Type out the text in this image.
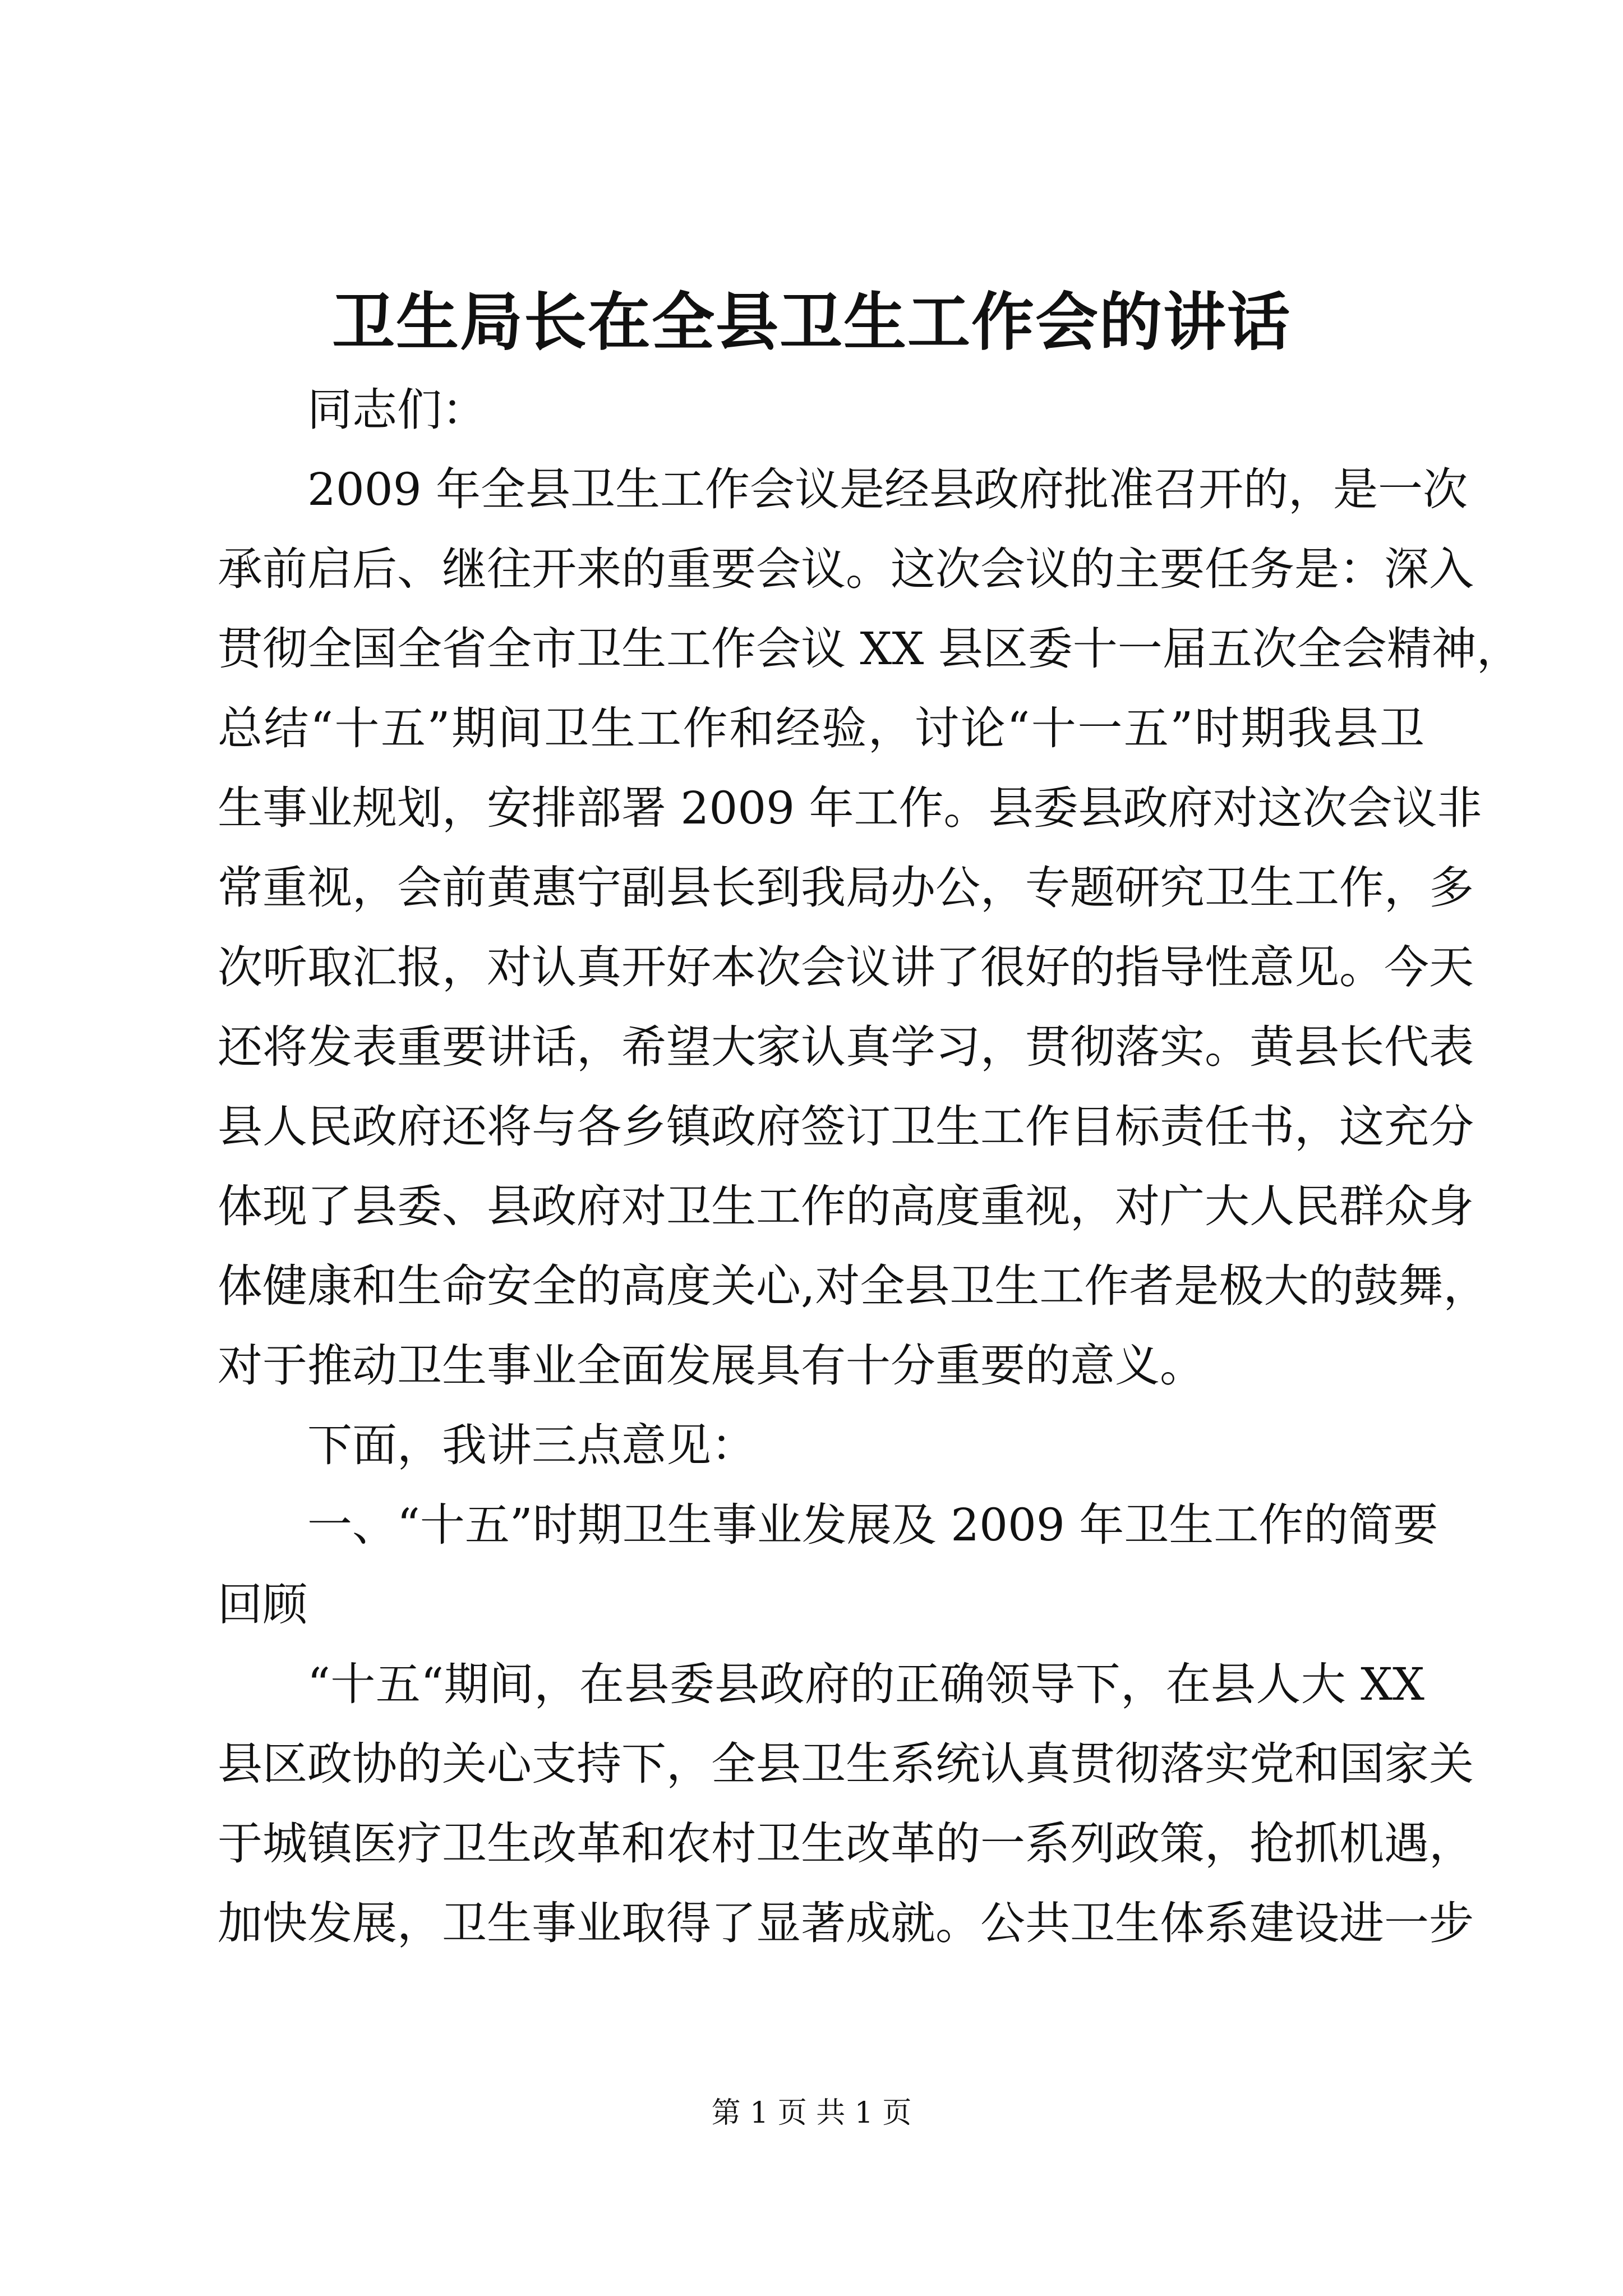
卫生局长在全县卫生工作会的讲话
同志们：
2009 年全县卫生工作会议是经县政府批准召开的，是一次
承前启后、继往开来的重要会议。这次会议的主要任务是：深入
贯彻全国全省全市卫生工作会议 XX 县区委十一届五次全会精神，
总结“十五”期间卫生工作和经验，讨论“十一五”时期我县卫
生事业规划，安排部署 2009 年工作。县委县政府对这次会议非
常重视，会前黄惠宁副县长到我局办公，专题研究卫生工作，多
次听取汇报，对认真开好本次会议讲了很好的指导性意见。今天
还将发表重要讲话，希望大家认真学习，贯彻落实。黄县长代表
县人民政府还将与各乡镇政府签订卫生工作目标责任书，这充分
体现了县委、县政府对卫生工作的高度重视，对广大人民群众身
体健康和生命安全的高度关心,对全县卫生工作者是极大的鼓舞，
对于推动卫生事业全面发展具有十分重要的意义。
下面，我讲三点意见：
一、“十五”时期卫生事业发展及 2009 年卫生工作的简要
回顾
“十五“期间，在县委县政府的正确领导下，在县人大 XX
县区政协的关心支持下，全县卫生系统认真贯彻落实党和国家关
于城镇医疗卫生改革和农村卫生改革的一系列政策，抢抓机遇，
加快发展，卫生事业取得了显著成就。公共卫生体系建设进一步
第 1 页 共 1 页
